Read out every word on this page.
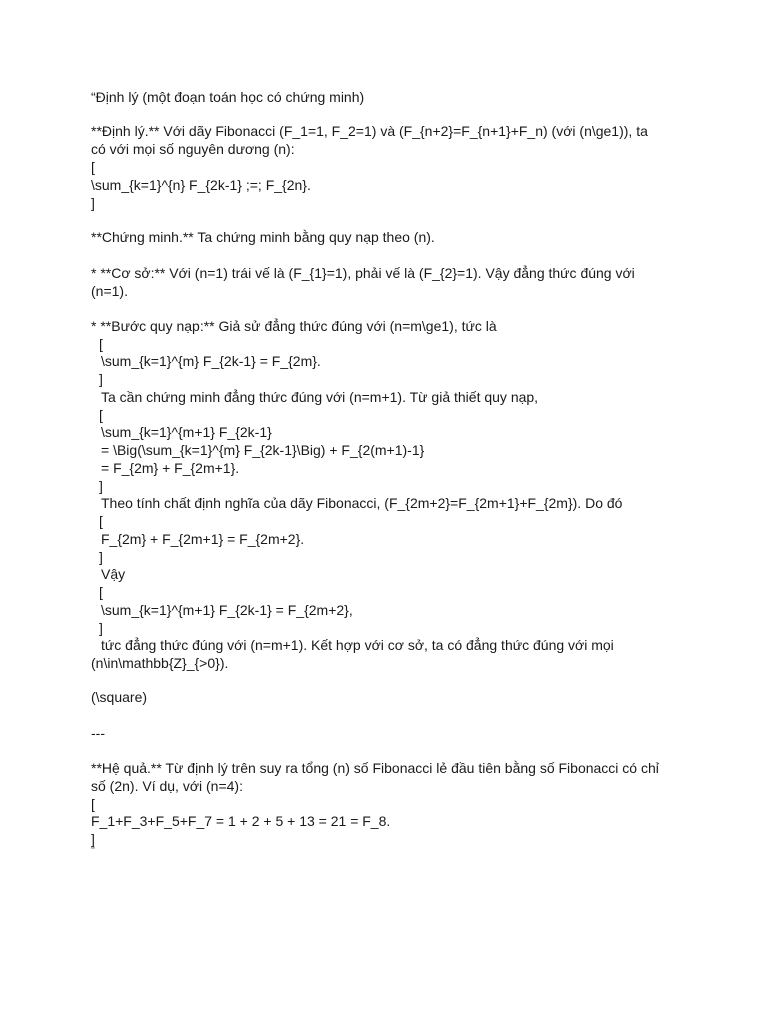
“Định lý (một đoạn toán học có chứng minh)
**Định lý.** Với dãy Fibonacci (F_1=1, F_2=1) và (F_{n+2}=F_{n+1}+F_n) (với (n\ge1)), ta
có với mọi số nguyên dương (n):
[
\sum_{k=1}^{n} F_{2k-1} ;=; F_{2n}.
]
**Chứng minh.** Ta chứng minh bằng quy nạp theo (n).
* **Cơ sở:** Với (n=1) trái vế là (F_{1}=1), phải vế là (F_{2}=1). Vậy đẳng thức đúng với
(n=1).
* **Bước quy nạp:** Giả sử đẳng thức đúng với (n=m\ge1), tức là
[
\sum_{k=1}^{m} F_{2k-1} = F_{2m}.
]
Ta cần chứng minh đẳng thức đúng với (n=m+1). Từ giả thiết quy nạp,
[
\sum_{k=1}^{m+1} F_{2k-1}
= \Big(\sum_{k=1}^{m} F_{2k-1}\Big) + F_{2(m+1)-1}
= F_{2m} + F_{2m+1}.
]
Theo tính chất định nghĩa của dãy Fibonacci, (F_{2m+2}=F_{2m+1}+F_{2m}). Do đó
[
F_{2m} + F_{2m+1} = F_{2m+2}.
]
Vậy
[
\sum_{k=1}^{m+1} F_{2k-1} = F_{2m+2},
]
tức đẳng thức đúng với (n=m+1). Kết hợp với cơ sở, ta có đẳng thức đúng với mọi
(n\in\mathbb{Z}_{>0}).
(\square)
---
**Hệ quả.** Từ định lý trên suy ra tổng (n) số Fibonacci lẻ đầu tiên bằng số Fibonacci có chỉ
số (2n). Ví dụ, với (n=4):
[
F_1+F_3+F_5+F_7 = 1 + 2 + 5 + 13 = 21 = F_8.
]
"
